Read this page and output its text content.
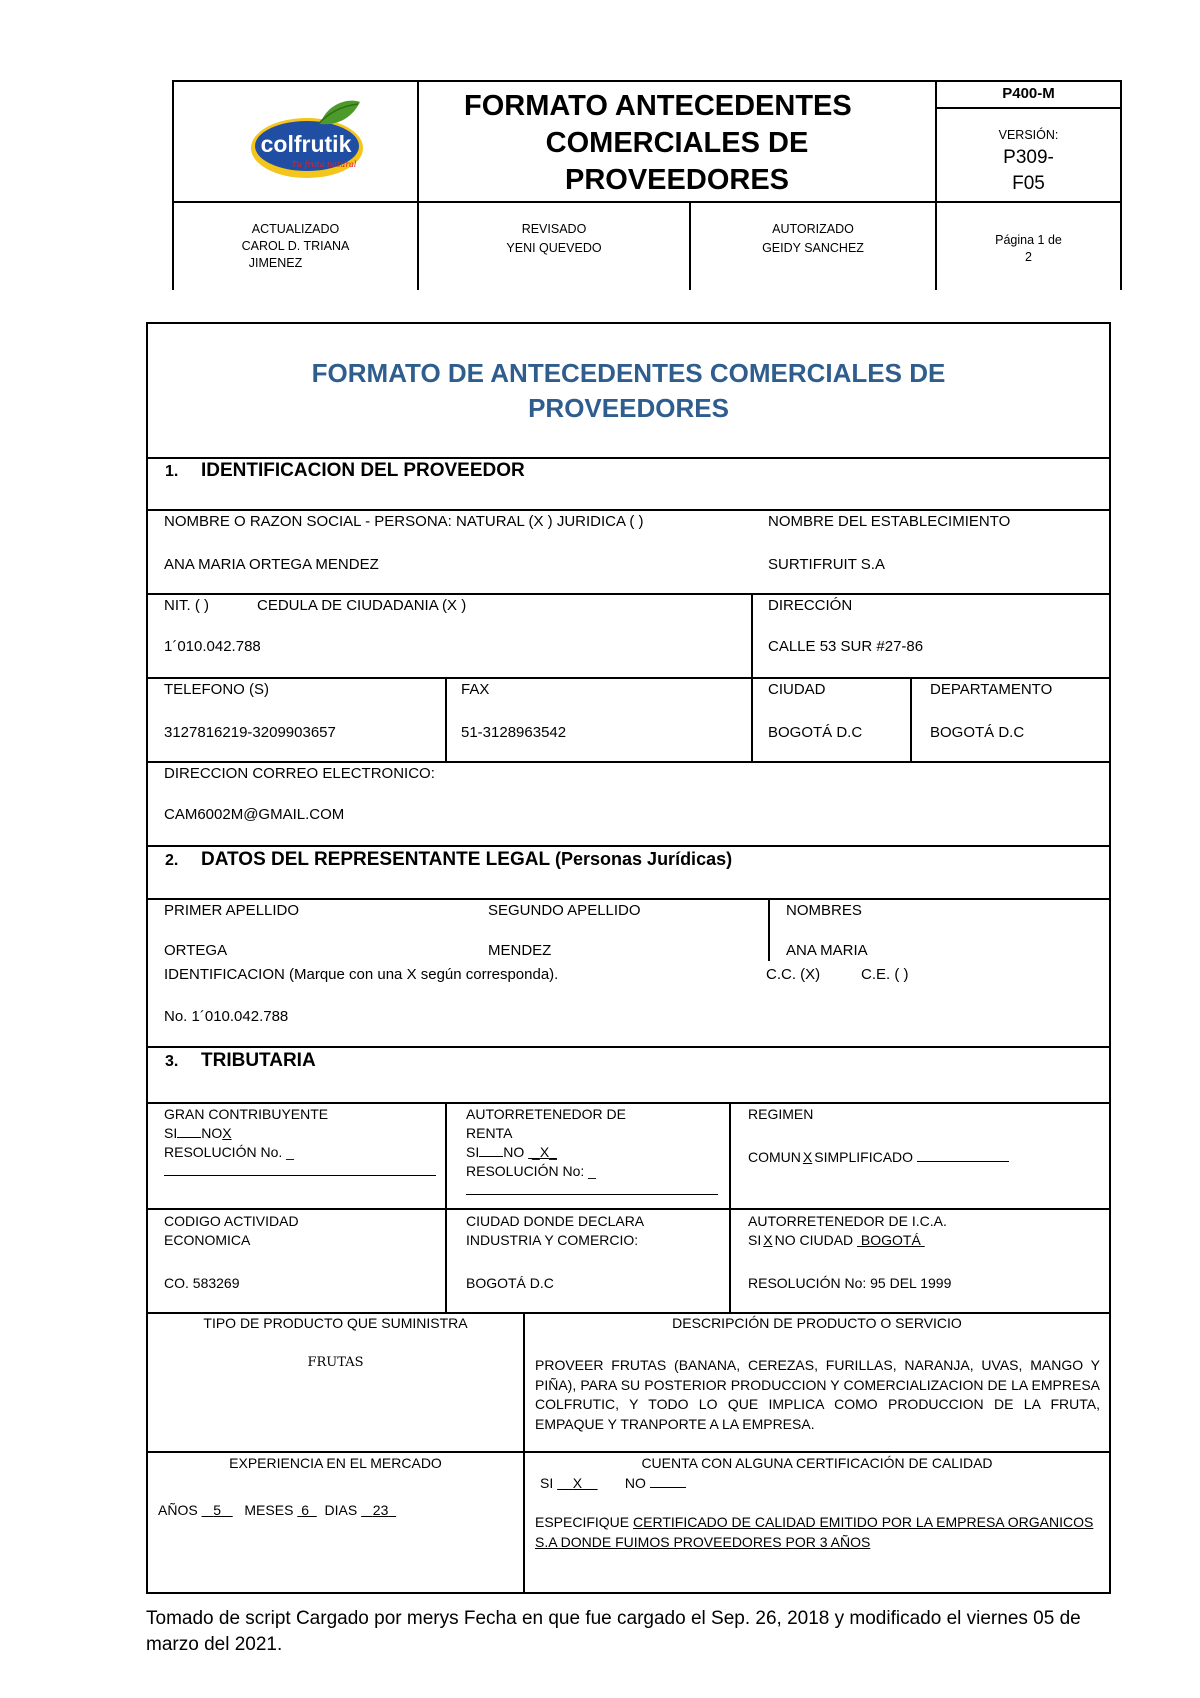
colfrutik
Tu fruta natural

FORMATO ANTECEDENTES

COMERCIALES DE

PROVEEDORES

P400-M
VERSIÓN:

P309-

F05

ACTUALIZADO

CAROL D. TRIANA

JIMENEZ

REVISADO

YENI QUEVEDO

AUTORIZADO

GEIDY SANCHEZ

Página 1 de

2

FORMATO DE ANTECEDENTES COMERCIALES DE

PROVEEDORES

1. IDENTIFICACION DEL PROVEEDOR
NOMBRE O RAZON SOCIAL - PERSONA: NATURAL (X ) JURIDICA ( )
ANA MARIA ORTEGA MENDEZ
NOMBRE DEL ESTABLECIMIENTO
SURTIFRUIT S.A
NIT. ( )	CEDULA DE CIUDADANIA (X )
1´010.042.788
DIRECCIÓN
CALLE 53 SUR #27-86
TELEFONO (S)
3127816219-3209903657
FAX
51-3128963542
CIUDAD
BOGOTÁ D.C
DEPARTAMENTO
BOGOTÁ D.C
DIRECCION CORREO ELECTRONICO:
CAM6002M@GMAIL.COM
2. DATOS DEL REPRESENTANTE LEGAL (Personas Jurídicas)
PRIMER APELLIDO
ORTEGA
SEGUNDO APELLIDO
MENDEZ
NOMBRES
ANA MARIA
IDENTIFICACION (Marque con una X según corresponda).	C.C. (X)	C.E. ( )
No. 1´010.042.788
3. TRIBUTARIA

GRAN CONTRIBUYENTE

SI NOX

RESOLUCIÓN No. _

AUTORRETENEDOR DE

RENTA

SI NO  _X_

RESOLUCIÓN No: _

REGIMEN

COMUN X SIMPLIFICADO

CODIGO ACTIVIDAD

ECONOMICA

CO. 583269

CIUDAD DONDE DECLARA

INDUSTRIA Y COMERCIO:

BOGOTÁ D.C

AUTORRETENEDOR DE I.C.A.

SI X NO CIUDAD BOGOTÁ

RESOLUCIÓN No: 95 DEL 1999

TIPO DE PRODUCTO QUE SUMINISTRA
FRUTAS
DESCRIPCIÓN DE PRODUCTO O SERVICIO
PROVEER FRUTAS (BANANA, CEREZAS, FURILLAS, NARANJA, UVAS, MANGO Y PIÑA), PARA SU POSTERIOR PRODUCCION Y COMERCIALIZACION DE LA EMPRESA COLFRUTIC, Y TODO LO QUE IMPLICA COMO PRODUCCION DE LA FRUTA, EMPAQUE Y TRANPORTE A LA EMPRESA.
EXPERIENCIA EN EL MERCADO
AÑOS 5 MESES 6 DIAS 23
CUENTA CON ALGUNA CERTIFICACIÓN DE CALIDAD
SI X	NO
ESPECIFIQUE CERTIFICADO DE CALIDAD EMITIDO POR LA EMPRESA ORGANICOS S.A DONDE FUIMOS PROVEEDORES POR 3 AÑOS
Tomado de script Cargado por merys Fecha en que fue cargado el Sep. 26, 2018 y modificado el viernes 05 de marzo del 2021.
